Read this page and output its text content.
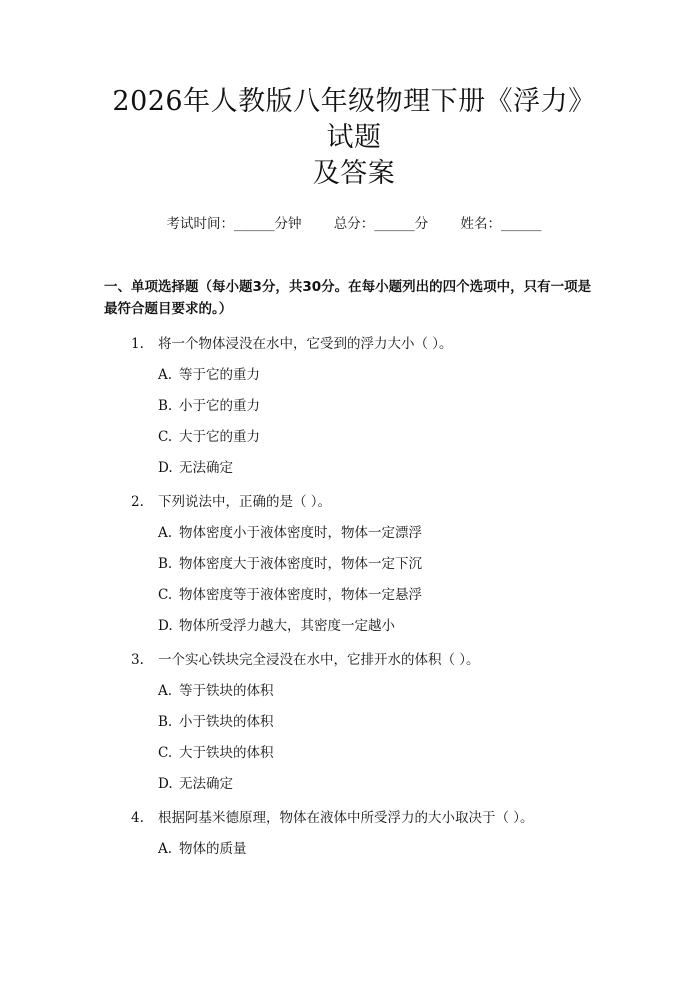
2026年人教版八年级物理下册《浮力》试题
及答案
考试时间：______分钟 总分：______分 姓名：______
一、单项选择题（每小题3分，共30分。在每小题列出的四个选项中，只有一项是最符合题目要求的。）
1.	将一个物体浸没在水中，它受到的浮力大小（ ）。
A. 等于它的重力
B. 小于它的重力
C. 大于它的重力
D. 无法确定
2.	下列说法中，正确的是（ ）。
A. 物体密度小于液体密度时，物体一定漂浮
B. 物体密度大于液体密度时，物体一定下沉
C. 物体密度等于液体密度时，物体一定悬浮
D. 物体所受浮力越大，其密度一定越小
3.	一个实心铁块完全浸没在水中，它排开水的体积（ ）。
A. 等于铁块的体积
B. 小于铁块的体积
C. 大于铁块的体积
D. 无法确定
4.	根据阿基米德原理，物体在液体中所受浮力的大小取决于（ ）。
A. 物体的质量
